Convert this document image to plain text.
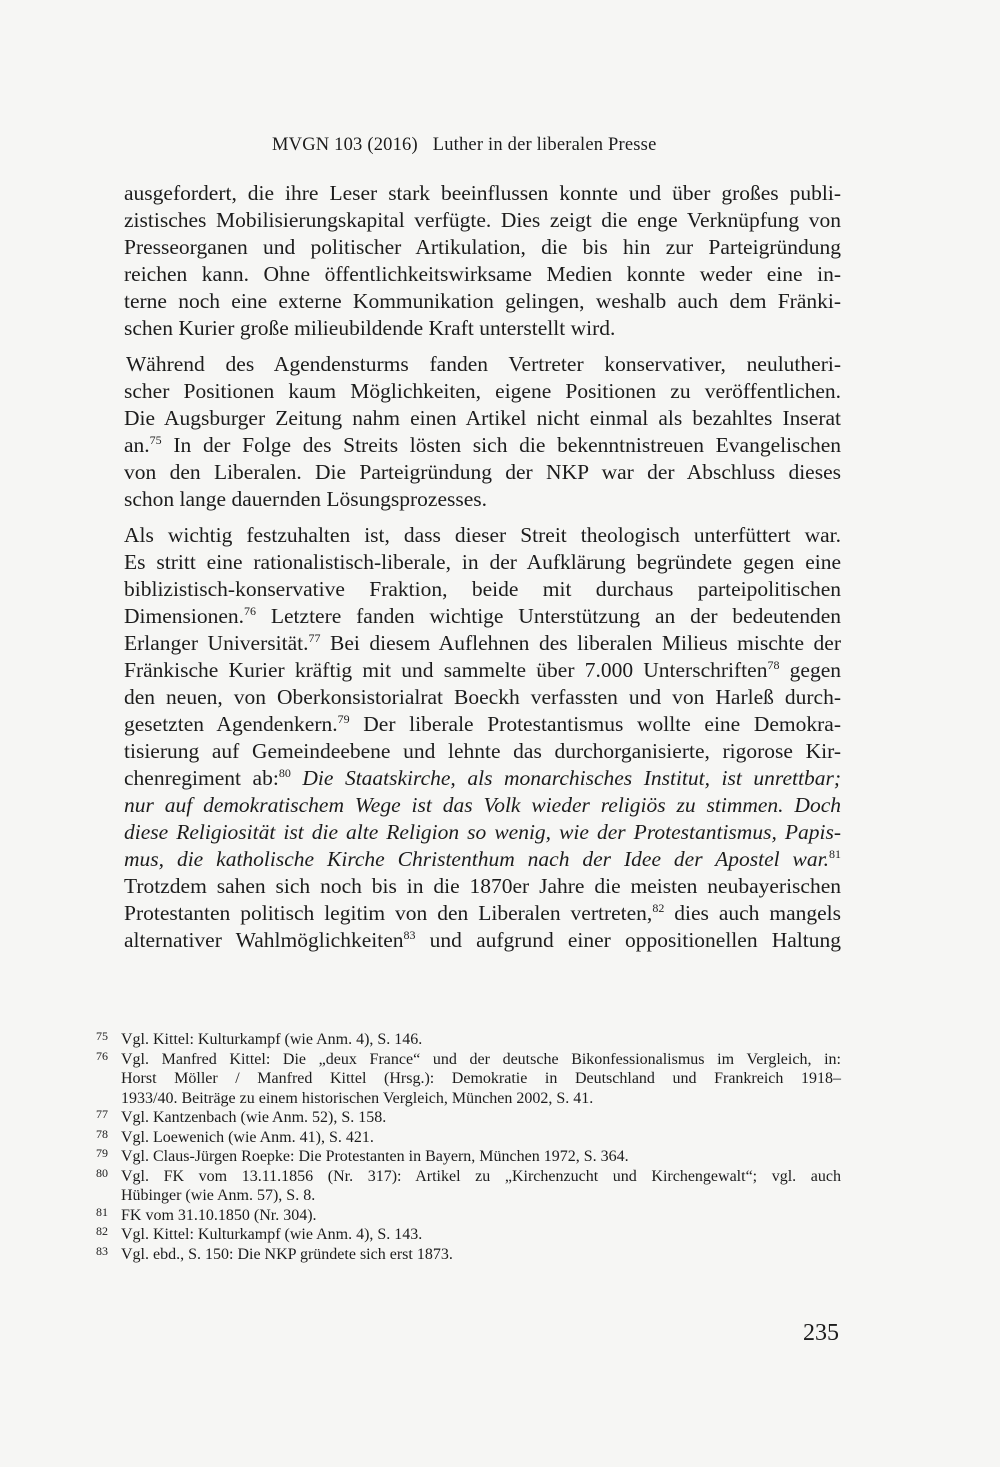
MVGN 103 (2016) Luther in der liberalen Presse
ausgefordert, die ihre Leser stark beeinflussen konnte und über großes publi-
zistisches Mobilisierungskapital verfügte. Dies zeigt die enge Verknüpfung von
Presseorganen und politischer Artikulation, die bis hin zur Parteigründung
reichen kann. Ohne öffentlichkeitswirksame Medien konnte weder eine in-
terne noch eine externe Kommunikation gelingen, weshalb auch dem Fränki-
schen Kurier große milieubildende Kraft unterstellt wird.
Während des Agendensturms fanden Vertreter konservativer, neulutheri-
scher Positionen kaum Möglichkeiten, eigene Positionen zu veröffentlichen.
Die Augsburger Zeitung nahm einen Artikel nicht einmal als bezahltes Inserat
an.$^{75}$ In der Folge des Streits lösten sich die bekenntnistreuen Evangelischen
von den Liberalen. Die Parteigründung der NKP war der Abschluss dieses
schon lange dauernden Lösungsprozesses.
Als wichtig festzuhalten ist, dass dieser Streit theologisch unterfüttert war.
Es stritt eine rationalistisch-liberale, in der Aufklärung begründete gegen eine
biblizistisch-konservative Fraktion, beide mit durchaus parteipolitischen
Dimensionen.$^{76}$ Letztere fanden wichtige Unterstützung an der bedeutenden
Erlanger Universität.$^{77}$ Bei diesem Auflehnen des liberalen Milieus mischte der
Fränkische Kurier kräftig mit und sammelte über 7.000 Unterschriften$^{78}$ gegen
den neuen, von Oberkonsistorialrat Boeckh verfassten und von Harleß durch-
gesetzten Agendenkern.$^{79}$ Der liberale Protestantismus wollte eine Demokra-
tisierung auf Gemeindeebene und lehnte das durchorganisierte, rigorose Kir-
chenregiment ab:$^{80}$ Die Staatskirche, als monarchisches Institut, ist unrettbar;
nur auf demokratischem Wege ist das Volk wieder religiös zu stimmen. Doch
diese Religiosität ist die alte Religion so wenig, wie der Protestantismus, Papis-
mus, die katholische Kirche Christenthum nach der Idee der Apostel war.$^{81}$
Trotzdem sahen sich noch bis in die 1870er Jahre die meisten neubayerischen
Protestanten politisch legitim von den Liberalen vertreten,$^{82}$ dies auch mangels
alternativer Wahlmöglichkeiten$^{83}$ und aufgrund einer oppositionellen Haltung
75 Vgl. Kittel: Kulturkampf (wie Anm. 4), S. 146.
76 Vgl. Manfred Kittel: Die „deux France“ und der deutsche Bikonfessionalismus im Vergleich, in:
Horst Möller / Manfred Kittel (Hrsg.): Demokratie in Deutschland und Frankreich 1918–
1933/40. Beiträge zu einem historischen Vergleich, München 2002, S. 41.
77 Vgl. Kantzenbach (wie Anm. 52), S. 158.
78 Vgl. Loewenich (wie Anm. 41), S. 421.
79 Vgl. Claus-Jürgen Roepke: Die Protestanten in Bayern, München 1972, S. 364.
80 Vgl. FK vom 13.11.1856 (Nr. 317): Artikel zu „Kirchenzucht und Kirchengewalt“; vgl. auch
Hübinger (wie Anm. 57), S. 8.
81 FK vom 31.10.1850 (Nr. 304).
82 Vgl. Kittel: Kulturkampf (wie Anm. 4), S. 143.
83 Vgl. ebd., S. 150: Die NKP gründete sich erst 1873.
235
